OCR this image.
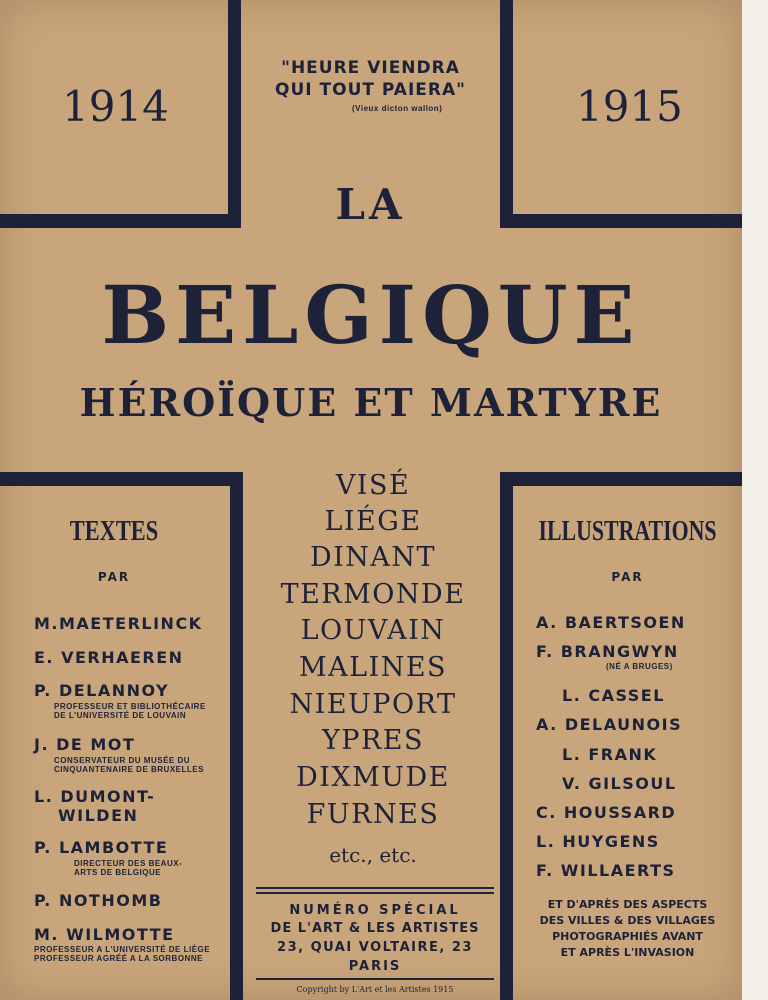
1914	1915
"HEURE VIENDRA
QUI TOUT PAIERA"
(Vieux dicton wallon)
LA
BELGIQUE
HÉROÏQUE ET MARTYRE
TEXTES
PAR
M.MAETERLINCK
E. VERHAEREN
P. DELANNOY
PROFESSEUR ET BIBLIOTHÉCAIRE
DE L'UNIVERSITÉ DE LOUVAIN
J. DE MOT
CONSERVATEUR DU MUSÉE DU
CINQUANTENAIRE DE BRUXELLES
L. DUMONT-
WILDEN
P. LAMBOTTE
DIRECTEUR DES BEAUX-
ARTS DE BELGIQUE
P. NOTHOMB
M. WILMOTTE
PROFESSEUR A L'UNIVERSITÉ DE LIÈGE
PROFESSEUR AGRÉÉ A LA SORBONNE
VISÉ
LIÉGE
DINANT
TERMONDE
LOUVAIN
MALINES
NIEUPORT
YPRES
DIXMUDE
FURNES
etc., etc.
NUMÉRO SPÉCIAL
DE L'ART & LES ARTISTES
23, QUAI VOLTAIRE, 23
PARIS
Copyright by L'Art et les Artistes 1915
ILLUSTRATIONS
PAR
A. BAERTSOEN
F. BRANGWYN
(NÉ A BRUGES)
L. CASSEL
A. DELAUNOIS
L. FRANK
V. GILSOUL
C. HOUSSARD
L. HUYGENS
F. WILLAERTS
ET D'APRÈS DES ASPECTS
DES VILLES & DES VILLAGES
PHOTOGRAPHIÉS AVANT
ET APRÈS L'INVASION
